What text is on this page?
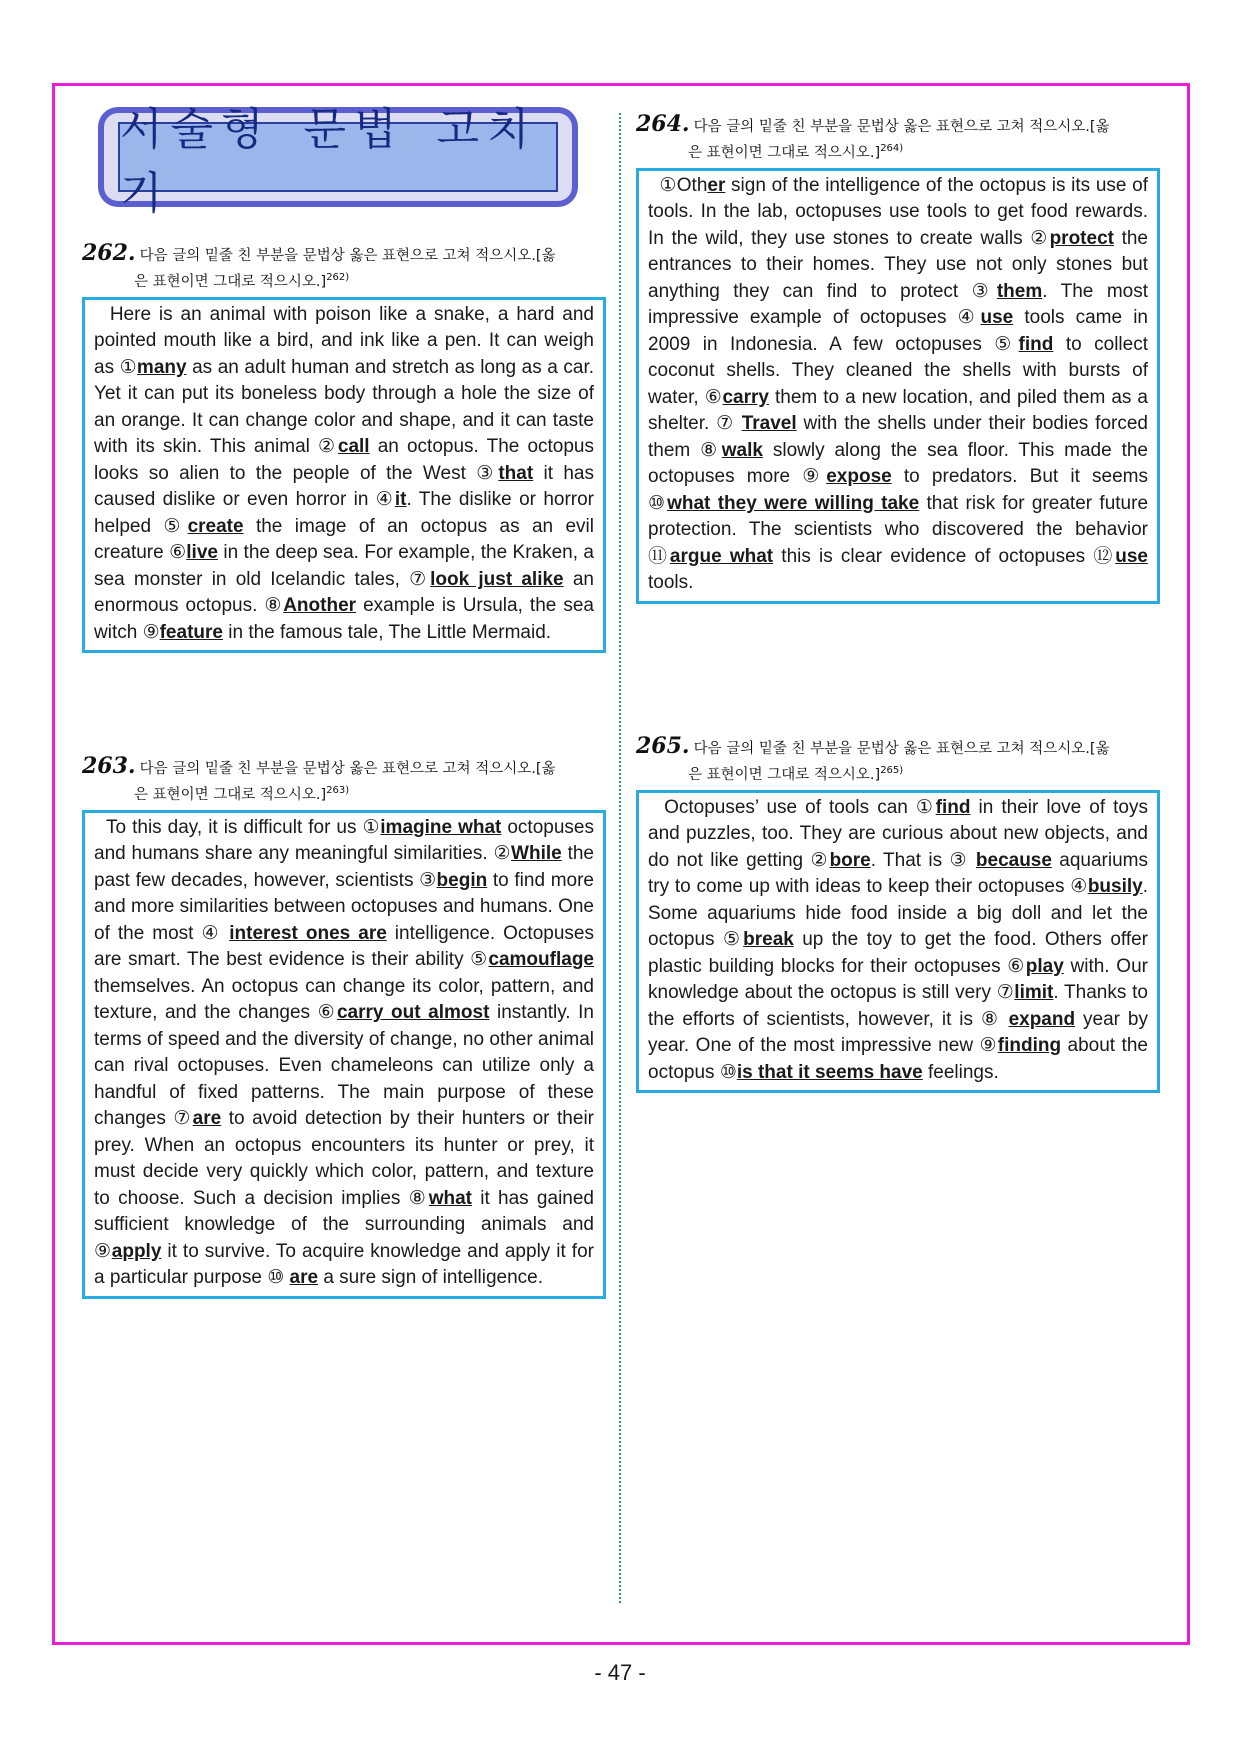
서술형 문법 고치기
262. 다음 글의 밑줄 친 부분을 문법상 옳은 표현으로 고쳐 적으시오.[옳
은 표현이면 그대로 적으시오.]$^{262)}$
Here is an animal with poison like a snake, a hard and pointed mouth like a bird, and ink like a pen. It can weigh as ①many as an adult human and stretch as long as a car. Yet it can put its boneless body through a hole the size of an orange. It can change color and shape, and it can taste with its skin. This animal ②call an octopus. The octopus looks so alien to the people of the West ③that it has caused dislike or even horror in ④it. The dislike or horror helped ⑤create the image of an octopus as an evil creature ⑥live in the deep sea. For example, the Kraken, a sea monster in old Icelandic tales, ⑦look just alike an enormous octopus. ⑧Another example is Ursula, the sea witch ⑨feature in the famous tale, The Little Mermaid.
263. 다음 글의 밑줄 친 부분을 문법상 옳은 표현으로 고쳐 적으시오.[옳
은 표현이면 그대로 적으시오.]$^{263)}$
To this day, it is difficult for us ①imagine what octopuses and humans share any meaningful similarities. ②While the past few decades, however, scientists ③begin to find more and more similarities between octopuses and humans. One of the most ④ interest ones are intelligence. Octopuses are smart. The best evidence is their ability ⑤camouflage themselves. An octopus can change its color, pattern, and texture, and the changes ⑥carry out almost instantly. In terms of speed and the diversity of change, no other animal can rival octopuses. Even chameleons can utilize only a handful of fixed patterns. The main purpose of these changes ⑦are to avoid detection by their hunters or their prey. When an octopus encounters its hunter or prey, it must decide very quickly which color, pattern, and texture to choose. Such a decision implies ⑧what it has gained sufficient knowledge of the surrounding animals and ⑨apply it to survive. To acquire knowledge and apply it for a particular purpose ⑩ are a sure sign of intelligence.
264. 다음 글의 밑줄 친 부분을 문법상 옳은 표현으로 고쳐 적으시오.[옳
은 표현이면 그대로 적으시오.]$^{264)}$
①Other sign of the intelligence of the octopus is its use of tools. In the lab, octopuses use tools to get food rewards. In the wild, they use stones to create walls ②protect the entrances to their homes. They use not only stones but anything they can find to protect ③them. The most impressive example of octopuses ④use tools came in 2009 in Indonesia. A few octopuses ⑤find to collect coconut shells. They cleaned the shells with bursts of water, ⑥carry them to a new location, and piled them as a shelter. ⑦ Travel with the shells under their bodies forced them ⑧walk slowly along the sea floor. This made the octopuses more ⑨expose to predators. But it seems ⑩what they were willing take that risk for greater future protection. The scientists who discovered the behavior ⑪argue what this is clear evidence of octopuses ⑫use tools.
265. 다음 글의 밑줄 친 부분을 문법상 옳은 표현으로 고쳐 적으시오.[옳
은 표현이면 그대로 적으시오.]$^{265)}$
Octopuses’ use of tools can ①find in their love of toys and puzzles, too. They are curious about new objects, and do not like getting ②bore. That is ③ because aquariums try to come up with ideas to keep their octopuses ④busily. Some aquariums hide food inside a big doll and let the octopus ⑤break up the toy to get the food. Others offer plastic building blocks for their octopuses ⑥play with. Our knowledge about the octopus is still very ⑦limit. Thanks to the efforts of scientists, however, it is ⑧ expand year by year. One of the most impressive new ⑨finding about the octopus ⑩is that it seems have feelings.
- 47 -
